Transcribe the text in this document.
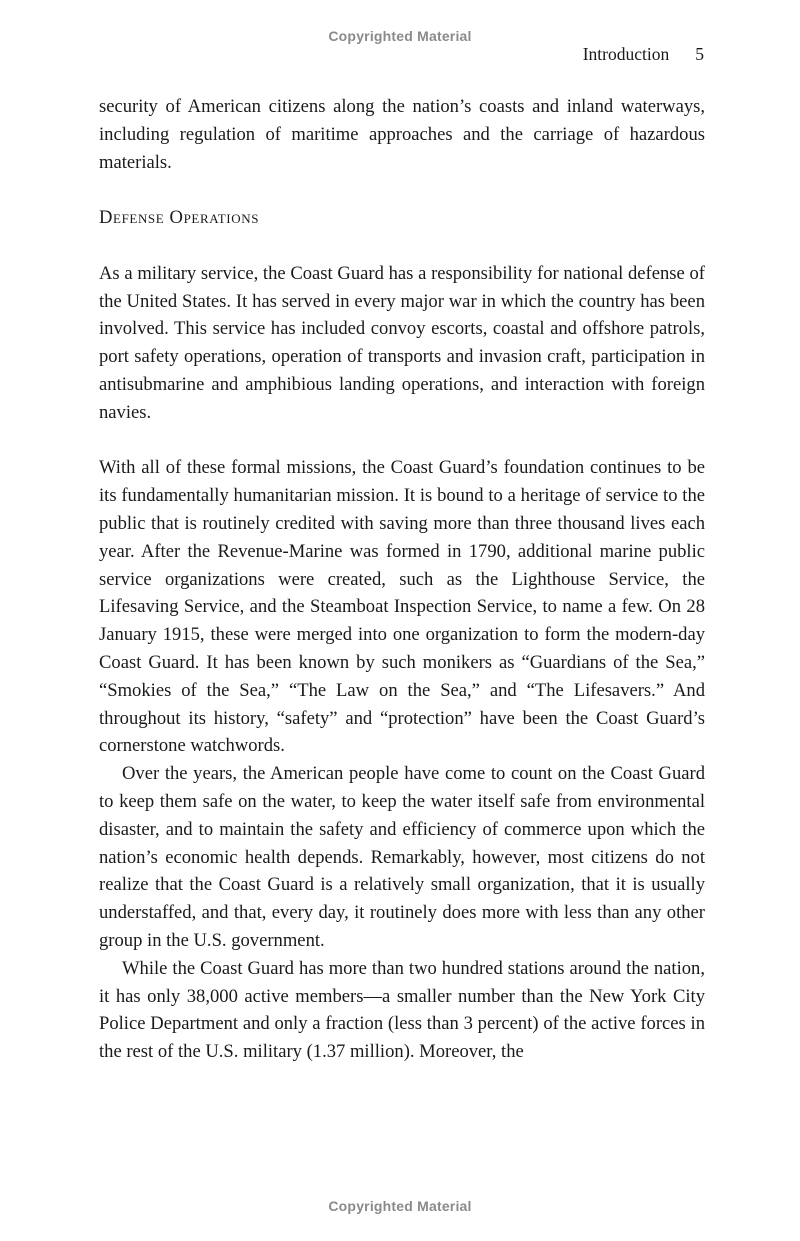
Copyrighted Material
Introduction 5

security of American citizens along the nation’s coasts and inland waterways, including regulation of maritime approaches and the carriage of hazardous materials.

Defense Operations

As a military service, the Coast Guard has a responsibility for national defense of the United States. It has served in every major war in which the country has been involved. This service has included convoy escorts, coastal and offshore patrols, port safety operations, operation of transports and invasion craft, participation in antisubmarine and amphibious landing operations, and interaction with foreign navies.

With all of these formal missions, the Coast Guard’s foundation continues to be its fundamentally humanitarian mission. It is bound to a heritage of service to the public that is routinely credited with saving more than three thousand lives each year. After the Revenue-Marine was formed in 1790, additional marine public service organizations were created, such as the Lighthouse Service, the Lifesaving Service, and the Steamboat Inspection Service, to name a few. On 28 January 1915, these were merged into one organization to form the modern-day Coast Guard. It has been known by such monikers as “Guardians of the Sea,” “Smokies of the Sea,” “The Law on the Sea,” and “The Lifesavers.” And throughout its history, “safety” and “protection” have been the Coast Guard’s cornerstone watchwords.

Over the years, the American people have come to count on the Coast Guard to keep them safe on the water, to keep the water itself safe from environmental disaster, and to maintain the safety and efficiency of commerce upon which the nation’s economic health depends. Remarkably, however, most citizens do not realize that the Coast Guard is a relatively small organization, that it is usually understaffed, and that, every day, it routinely does more with less than any other group in the U.S. government.

While the Coast Guard has more than two hundred stations around the nation, it has only 38,000 active members—a smaller number than the New York City Police Department and only a fraction (less than 3 percent) of the active forces in the rest of the U.S. military (1.37 million). Moreover, the

Copyrighted Material
